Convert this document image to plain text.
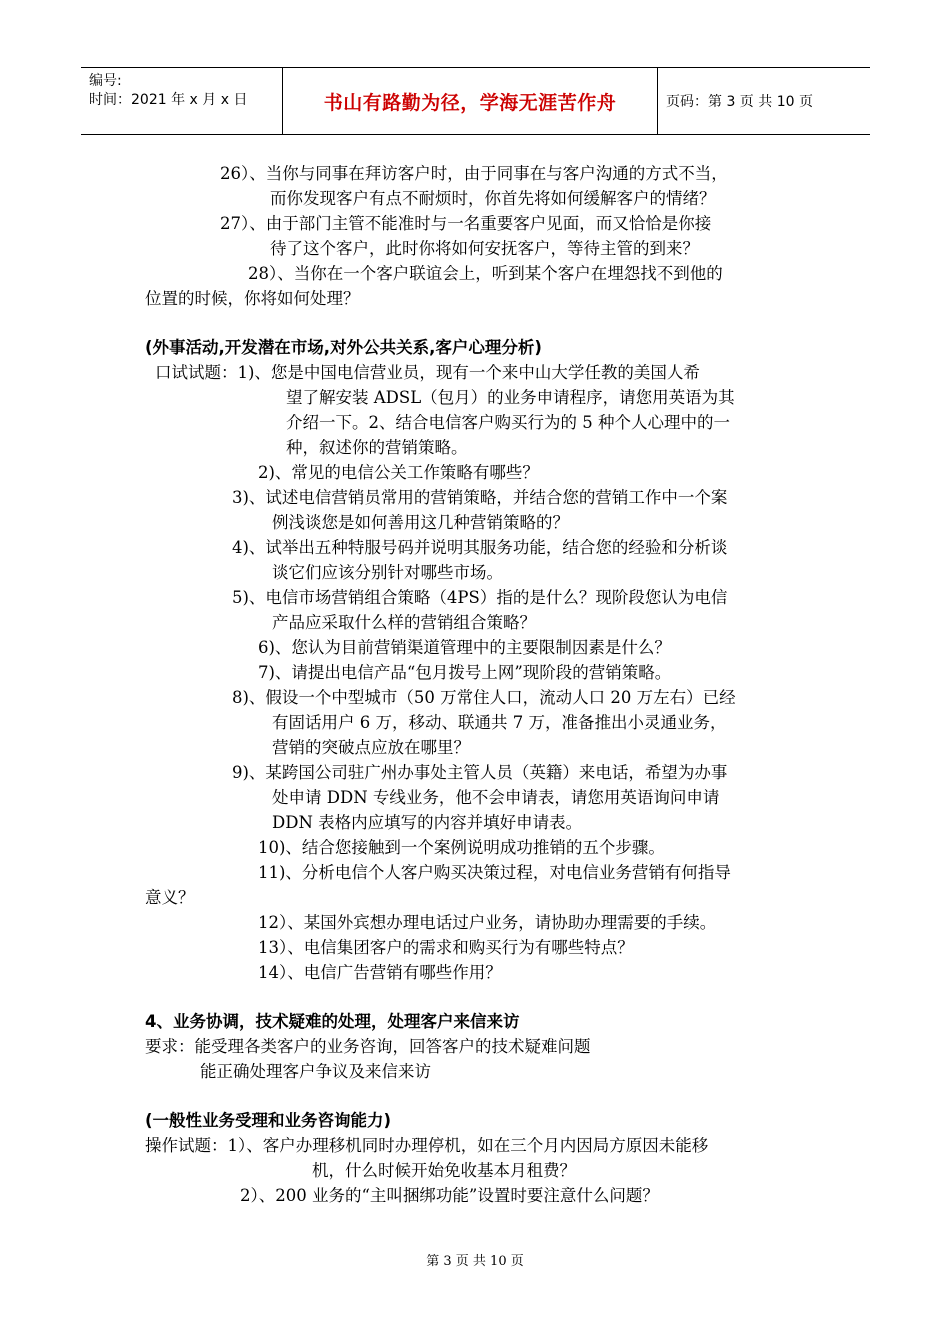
编号:
时间：2021 年 x 月 x 日	书山有路勤为径，学海无涯苦作舟	页码：第 3 页 共 10 页
26）、当你与同事在拜访客户时，由于同事在与客户沟通的方式不当，
而你发现客户有点不耐烦时，你首先将如何缓解客户的情绪？
27）、由于部门主管不能准时与一名重要客户见面，而又恰恰是你接
待了这个客户，此时你将如何安抚客户，等待主管的到来？
28）、当你在一个客户联谊会上，听到某个客户在埋怨找不到他的
位置的时候，你将如何处理？
(外事活动,开发潜在市场,对外公共关系,客户心理分析)
口试试题：1)、您是中国电信营业员，现有一个来中山大学任教的美国人希
望了解安装 ADSL（包月）的业务申请程序，请您用英语为其
介绍一下。2、结合电信客户购买行为的 5 种个人心理中的一
种，叙述你的营销策略。
2)、常见的电信公关工作策略有哪些？
3)、试述电信营销员常用的营销策略，并结合您的营销工作中一个案
例浅谈您是如何善用这几种营销策略的？
4)、试举出五种特服号码并说明其服务功能，结合您的经验和分析谈
谈它们应该分别针对哪些市场。
5)、电信市场营销组合策略（4PS）指的是什么？现阶段您认为电信
产品应采取什么样的营销组合策略？
6)、您认为目前营销渠道管理中的主要限制因素是什么？
7)、请提出电信产品“包月拨号上网”现阶段的营销策略。
8)、假设一个中型城市（50 万常住人口，流动人口 20 万左右）已经
有固话用户 6 万，移动、联通共 7 万，准备推出小灵通业务，
营销的突破点应放在哪里？
9)、某跨国公司驻广州办事处主管人员（英籍）来电话，希望为办事
处申请 DDN 专线业务，他不会申请表，请您用英语询问申请
DDN 表格内应填写的内容并填好申请表。
10)、结合您接触到一个案例说明成功推销的五个步骤。
11)、分析电信个人客户购买决策过程，对电信业务营销有何指导
意义？
12）、某国外宾想办理电话过户业务，请协助办理需要的手续。
13）、电信集团客户的需求和购买行为有哪些特点？
14）、电信广告营销有哪些作用？
4、业务协调，技术疑难的处理，处理客户来信来访
要求：能受理各类客户的业务咨询，回答客户的技术疑难问题
能正确处理客户争议及来信来访
(一般性业务受理和业务咨询能力)
操作试题：1）、客户办理移机同时办理停机，如在三个月内因局方原因未能移
机，什么时候开始免收基本月租费？
2）、200 业务的“主叫捆绑功能”设置时要注意什么问题？
第 3 页 共 10 页
